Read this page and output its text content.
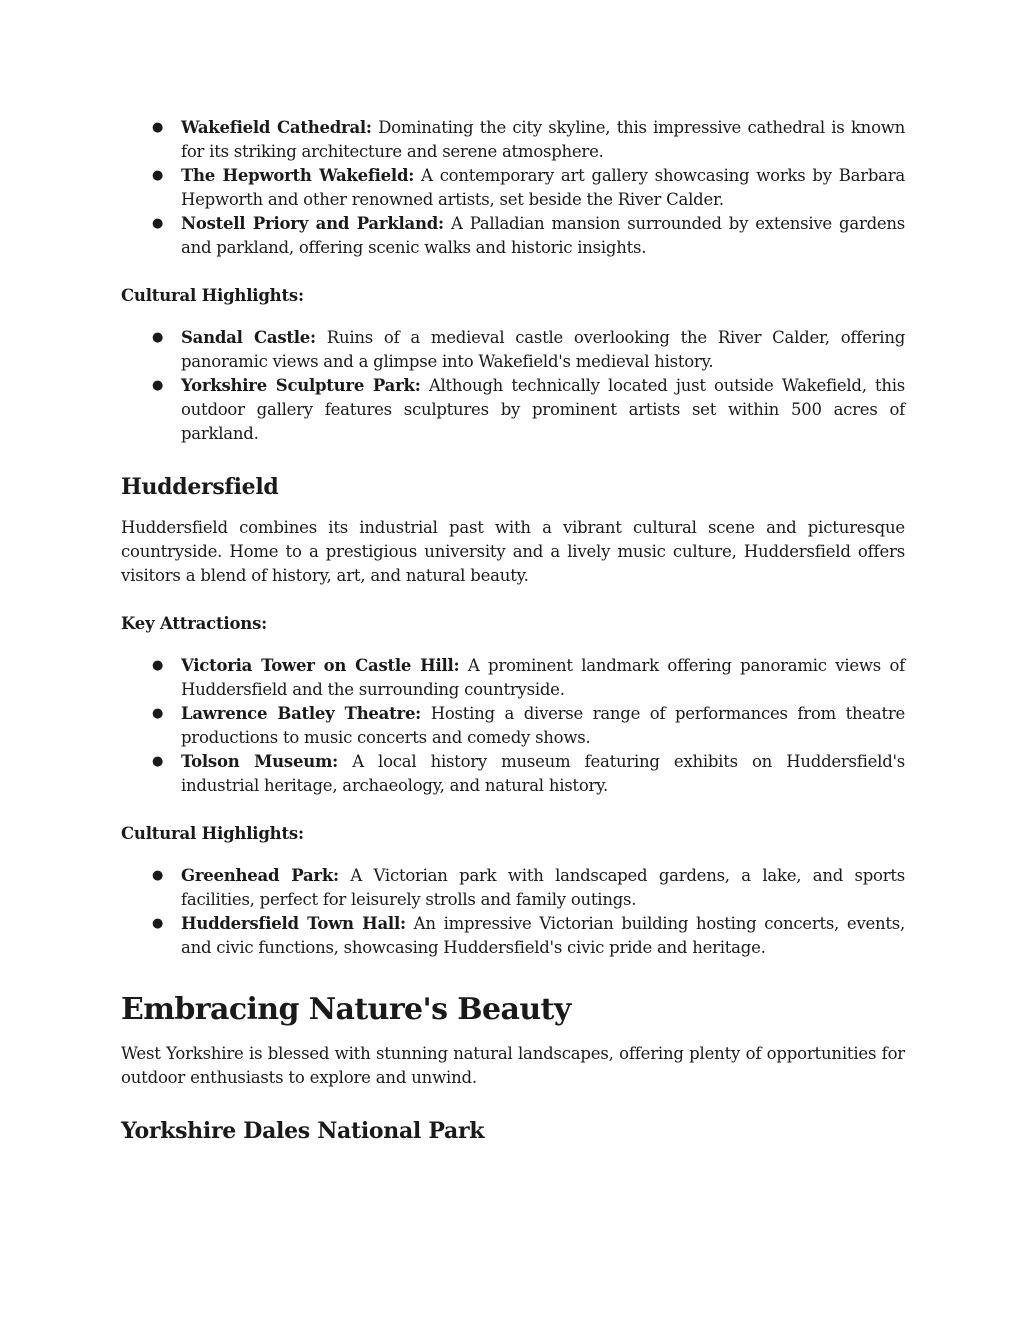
● Wakefield Cathedral: Dominating the city skyline, this impressive cathedral is known for its striking architecture and serene atmosphere.
● The Hepworth Wakefield: A contemporary art gallery showcasing works by Barbara Hepworth and other renowned artists, set beside the River Calder.
● Nostell Priory and Parkland: A Palladian mansion surrounded by extensive gardens and parkland, offering scenic walks and historic insights.

Cultural Highlights:

● Sandal Castle: Ruins of a medieval castle overlooking the River Calder, offering panoramic views and a glimpse into Wakefield's medieval history.
● Yorkshire Sculpture Park: Although technically located just outside Wakefield, this outdoor gallery features sculptures by prominent artists set within 500 acres of parkland.

Huddersfield

Huddersfield combines its industrial past with a vibrant cultural scene and picturesque countryside. Home to a prestigious university and a lively music culture, Huddersfield offers visitors a blend of history, art, and natural beauty.

Key Attractions:

● Victoria Tower on Castle Hill: A prominent landmark offering panoramic views of Huddersfield and the surrounding countryside.
● Lawrence Batley Theatre: Hosting a diverse range of performances from theatre productions to music concerts and comedy shows.
● Tolson Museum: A local history museum featuring exhibits on Huddersfield's industrial heritage, archaeology, and natural history.

Cultural Highlights:

● Greenhead Park: A Victorian park with landscaped gardens, a lake, and sports facilities, perfect for leisurely strolls and family outings.
● Huddersfield Town Hall: An impressive Victorian building hosting concerts, events, and civic functions, showcasing Huddersfield's civic pride and heritage.

Embracing Nature's Beauty

West Yorkshire is blessed with stunning natural landscapes, offering plenty of opportunities for outdoor enthusiasts to explore and unwind.

Yorkshire Dales National Park
